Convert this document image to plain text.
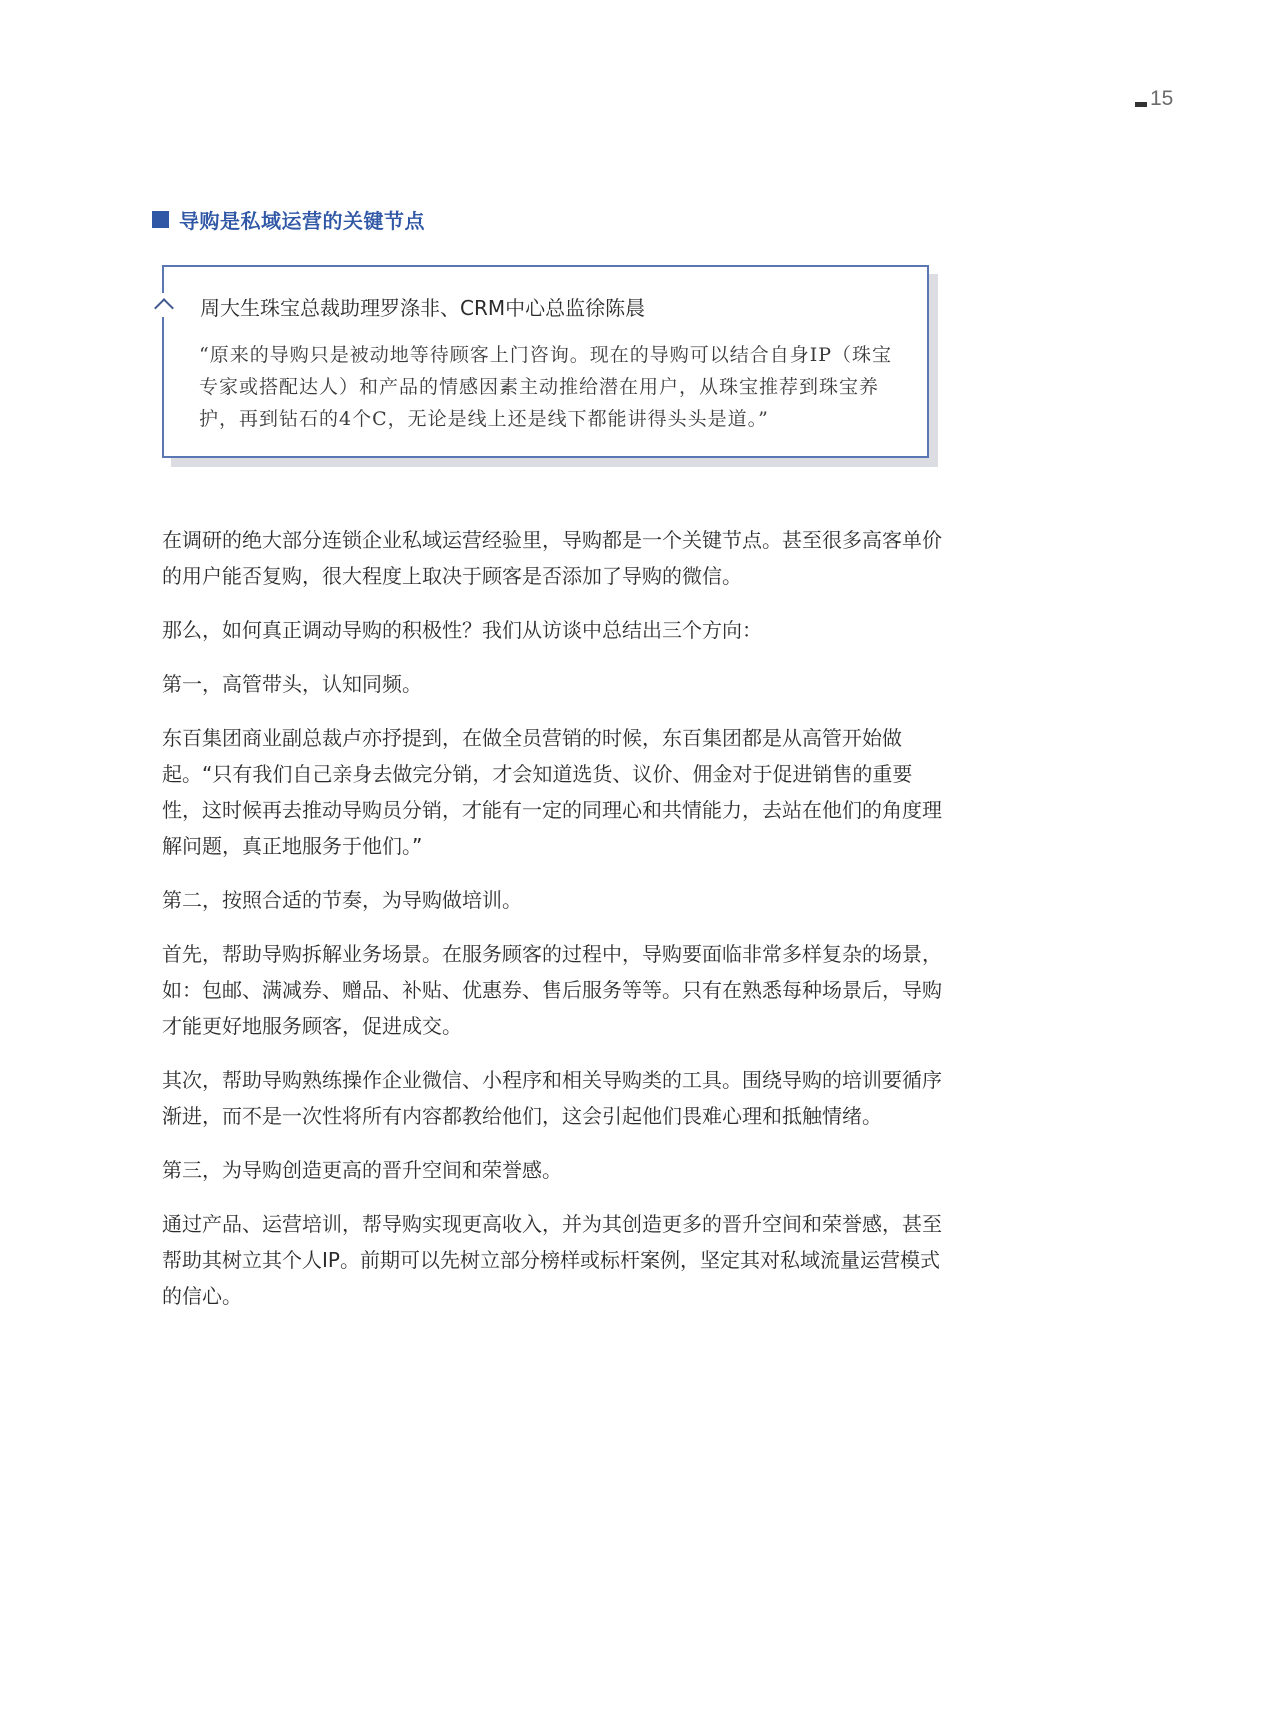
15
导购是私域运营的关键节点
周大生珠宝总裁助理罗涤非、CRM中心总监徐陈晨
“原来的导购只是被动地等待顾客上门咨询。现在的导购可以结合自身IP（珠宝专家或搭配达人）和产品的情感因素主动推给潜在用户，从珠宝推荐到珠宝养护，再到钻石的4个C，无论是线上还是线下都能讲得头头是道。”

在调研的绝大部分连锁企业私域运营经验里，导购都是一个关键节点。甚至很多高客单价的用户能否复购，很大程度上取决于顾客是否添加了导购的微信。

那么，如何真正调动导购的积极性？我们从访谈中总结出三个方向：

第一，高管带头，认知同频。

东百集团商业副总裁卢亦抒提到，在做全员营销的时候，东百集团都是从高管开始做起。“只有我们自己亲身去做完分销，才会知道选货、议价、佣金对于促进销售的重要性，这时候再去推动导购员分销，才能有一定的同理心和共情能力，去站在他们的角度理解问题，真正地服务于他们。”

第二，按照合适的节奏，为导购做培训。

首先，帮助导购拆解业务场景。在服务顾客的过程中，导购要面临非常多样复杂的场景，如：包邮、满减券、赠品、补贴、优惠券、售后服务等等。只有在熟悉每种场景后，导购才能更好地服务顾客，促进成交。

其次，帮助导购熟练操作企业微信、小程序和相关导购类的工具。围绕导购的培训要循序渐进，而不是一次性将所有内容都教给他们，这会引起他们畏难心理和抵触情绪。

第三，为导购创造更高的晋升空间和荣誉感。

通过产品、运营培训，帮导购实现更高收入，并为其创造更多的晋升空间和荣誉感，甚至帮助其树立其个人IP。前期可以先树立部分榜样或标杆案例，坚定其对私域流量运营模式的信心。
